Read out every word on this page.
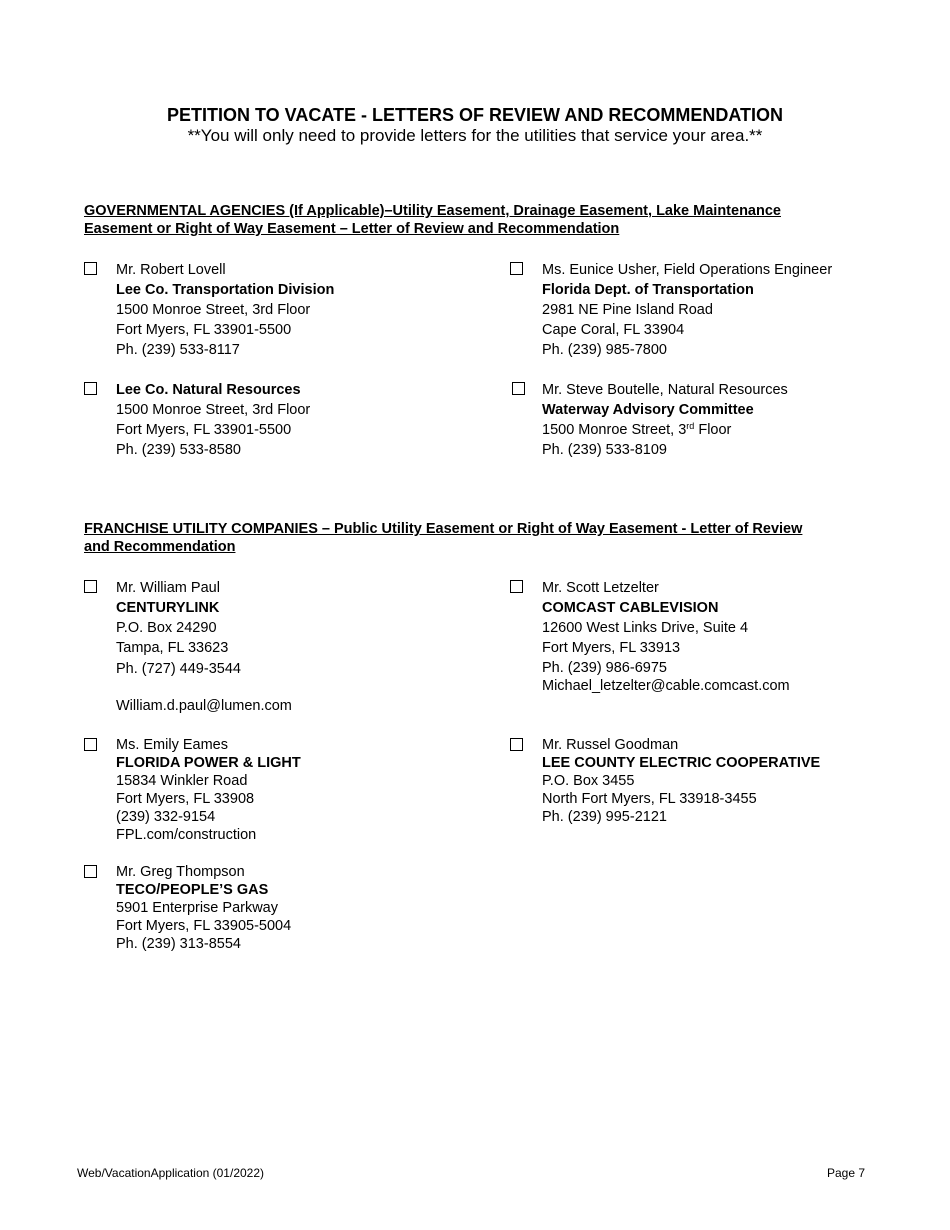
PETITION TO VACATE - LETTERS OF REVIEW AND RECOMMENDATION
**You will only need to provide letters for the utilities that service your area.**
GOVERNMENTAL AGENCIES (If Applicable)–Utility Easement, Drainage Easement, Lake Maintenance
Easement or Right of Way Easement – Letter of Review and Recommendation
Mr. Robert Lovell
Lee Co. Transportation Division
1500 Monroe Street, 3rd Floor
Fort Myers, FL 33901-5500
Ph. (239) 533-8117
Ms. Eunice Usher, Field Operations Engineer
Florida Dept. of Transportation
2981 NE Pine Island Road
Cape Coral, FL 33904
Ph. (239) 985-7800
Lee Co. Natural Resources
1500 Monroe Street, 3rd Floor
Fort Myers, FL 33901-5500
Ph. (239) 533-8580
Mr. Steve Boutelle, Natural Resources
Waterway Advisory Committee
1500 Monroe Street, 3rd Floor
Ph. (239) 533-8109
FRANCHISE UTILITY COMPANIES – Public Utility Easement or Right of Way Easement - Letter of Review
and Recommendation
Mr. William Paul
CENTURYLINK
P.O. Box 24290
Tampa, FL 33623
Ph. (727) 449-3544
William.d.paul@lumen.com
Mr. Scott Letzelter
COMCAST CABLEVISION
12600 West Links Drive, Suite 4
Fort Myers, FL 33913
Ph. (239) 986-6975
Michael_letzelter@cable.comcast.com
Ms. Emily Eames
FLORIDA POWER & LIGHT
15834 Winkler Road
Fort Myers, FL 33908
(239) 332-9154
FPL.com/construction
Mr. Russel Goodman
LEE COUNTY ELECTRIC COOPERATIVE
P.O. Box 3455
North Fort Myers, FL 33918-3455
Ph. (239) 995-2121
Mr. Greg Thompson
TECO/PEOPLE’S GAS
5901 Enterprise Parkway
Fort Myers, FL 33905-5004
Ph. (239) 313-8554
Web/VacationApplication (01/2022)	Page 7
